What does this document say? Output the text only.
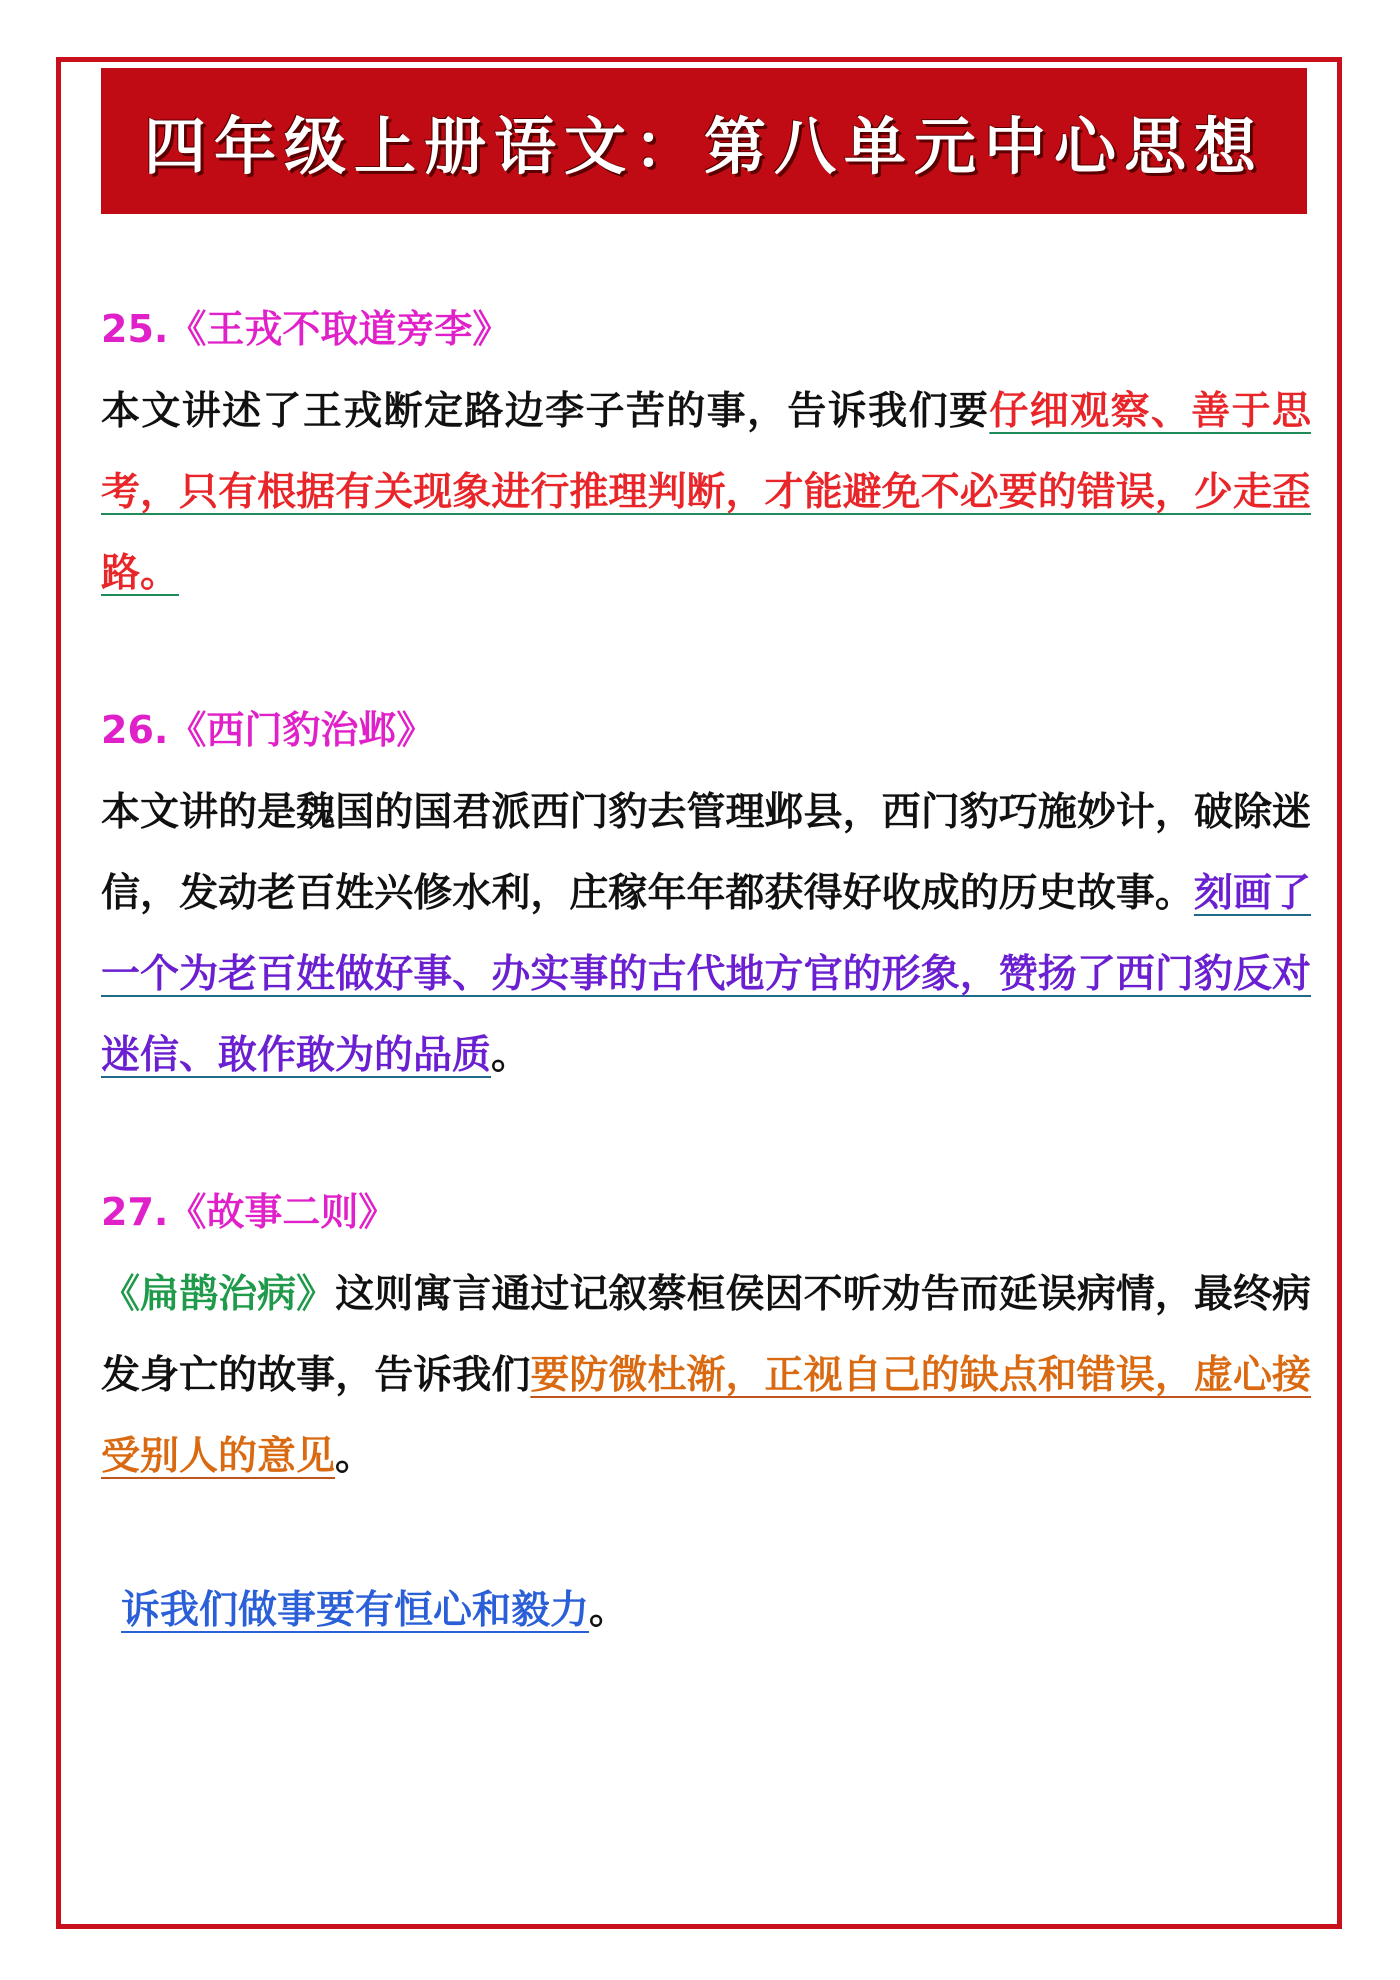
四年级上册语文：第八单元中心思想
25.《王戎不取道旁李》
本文讲述了王戎断定路边李子苦的事，告诉我们要仔细观察、善于思考，只有根据有关现象进行推理判断，才能避免不必要的错误，少走歪路。
26.《西门豹治邺》
本文讲的是魏国的国君派西门豹去管理邺县，西门豹巧施妙计，破除迷信，发动老百姓兴修水利，庄稼年年都获得好收成的历史故事。刻画了一个为老百姓做好事、办实事的古代地方官的形象，赞扬了西门豹反对迷信、敢作敢为的品质。
27.《故事二则》
《扁鹊治病》这则寓言通过记叙蔡桓侯因不听劝告而延误病情，最终病发身亡的故事，告诉我们要防微杜渐，正视自己的缺点和错误，虚心接受别人的意见。
诉我们做事要有恒心和毅力。
